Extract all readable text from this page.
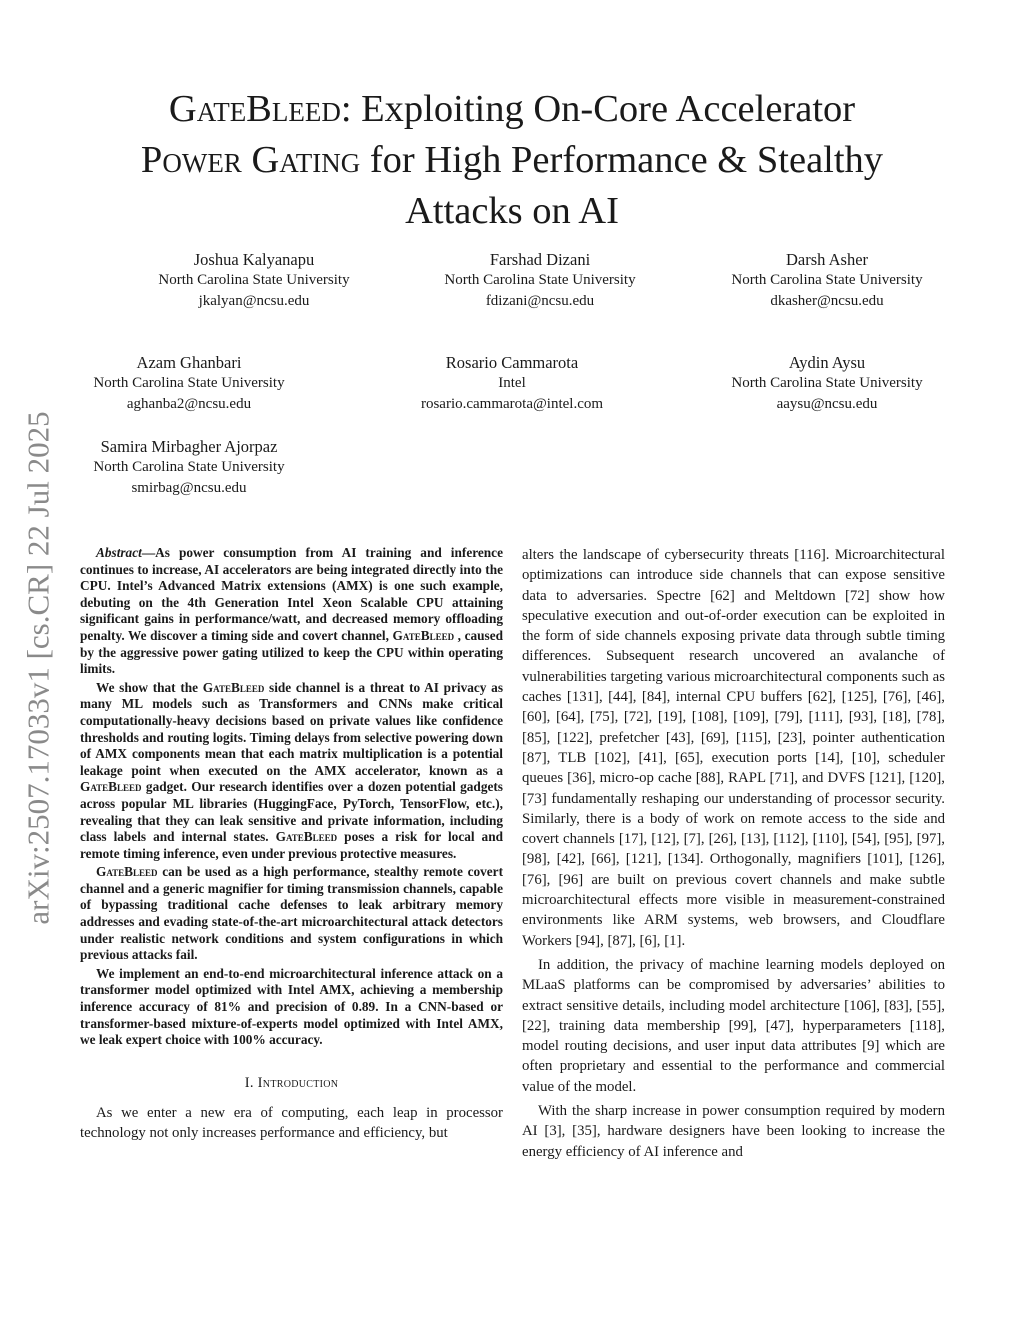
arXiv:2507.17033v1 [cs.CR] 22 Jul 2025
GateBleed: Exploiting On-Core Accelerator
Power Gating for High Performance & Stealthy
Attacks on AI
Joshua Kalyanapu
North Carolina State University
jkalyan@ncsu.edu
Farshad Dizani
North Carolina State University
fdizani@ncsu.edu
Darsh Asher
North Carolina State University
dkasher@ncsu.edu
Azam Ghanbari
North Carolina State University
aghanba2@ncsu.edu
Rosario Cammarota
Intel
rosario.cammarota@intel.com
Aydin Aysu
North Carolina State University
aaysu@ncsu.edu
Samira Mirbagher Ajorpaz
North Carolina State University
smirbag@ncsu.edu

Abstract—As power consumption from AI training and inference continues to increase, AI accelerators are being integrated directly into the CPU. Intel’s Advanced Matrix extensions (AMX) is one such example, debuting on the 4th Generation Intel Xeon Scalable CPU attaining significant gains in performance/watt, and decreased memory offloading penalty. We discover a timing side and covert channel, GateBleed , caused by the aggressive power gating utilized to keep the CPU within operating limits.

We show that the GateBleed side channel is a threat to AI privacy as many ML models such as Transformers and CNNs make critical computationally-heavy decisions based on private values like confidence thresholds and routing logits. Timing delays from selective powering down of AMX components mean that each matrix multiplication is a potential leakage point when executed on the AMX accelerator, known as a GateBleed gadget. Our research identifies over a dozen potential gadgets across popular ML libraries (HuggingFace, PyTorch, TensorFlow, etc.), revealing that they can leak sensitive and private information, including class labels and internal states. GateBleed poses a risk for local and remote timing inference, even under previous protective measures.

GateBleed can be used as a high performance, stealthy remote covert channel and a generic magnifier for timing transmission channels, capable of bypassing traditional cache defenses to leak arbitrary memory addresses and evading state-of-the-art microarchitectural attack detectors under realistic network conditions and system configurations in which previous attacks fail.

We implement an end-to-end microarchitectural inference attack on a transformer model optimized with Intel AMX, achieving a membership inference accuracy of 81% and precision of 0.89. In a CNN-based or transformer-based mixture-of-experts model optimized with Intel AMX, we leak expert choice with 100% accuracy.

I. Introduction

As we enter a new era of computing, each leap in processor technology not only increases performance and efficiency, but

alters the landscape of cybersecurity threats [116]. Microarchitectural optimizations can introduce side channels that can expose sensitive data to adversaries. Spectre [62] and Meltdown [72] show how speculative execution and out-of-order execution can be exploited in the form of side channels exposing private data through subtle timing differences. Subsequent research uncovered an avalanche of vulnerabilities targeting various microarchitectural components such as caches [131], [44], [84], internal CPU buffers [62], [125], [76], [46], [60], [64], [75], [72], [19], [108], [109], [79], [111], [93], [18], [78], [85], [122], prefetcher [43], [69], [115], [23], pointer authentication [87], TLB [102], [41], [65], execution ports [14], [10], scheduler queues [36], micro-op cache [88], RAPL [71], and DVFS [121], [120], [73] fundamentally reshaping our understanding of processor security. Similarly, there is a body of work on remote access to the side and covert channels [17], [12], [7], [26], [13], [112], [110], [54], [95], [97], [98], [42], [66], [121], [134]. Orthogonally, magnifiers [101], [126], [76], [96] are built on previous covert channels and make subtle microarchitectural effects more visible in measurement-constrained environments like ARM systems, web browsers, and Cloudflare Workers [94], [87], [6], [1].

In addition, the privacy of machine learning models deployed on MLaaS platforms can be compromised by adversaries’ abilities to extract sensitive details, including model architecture [106], [83], [55], [22], training data membership [99], [47], hyperparameters [118], model routing decisions, and user input data attributes [9] which are often proprietary and essential to the performance and commercial value of the model.

With the sharp increase in power consumption required by modern AI [3], [35], hardware designers have been looking to increase the energy efficiency of AI inference and
